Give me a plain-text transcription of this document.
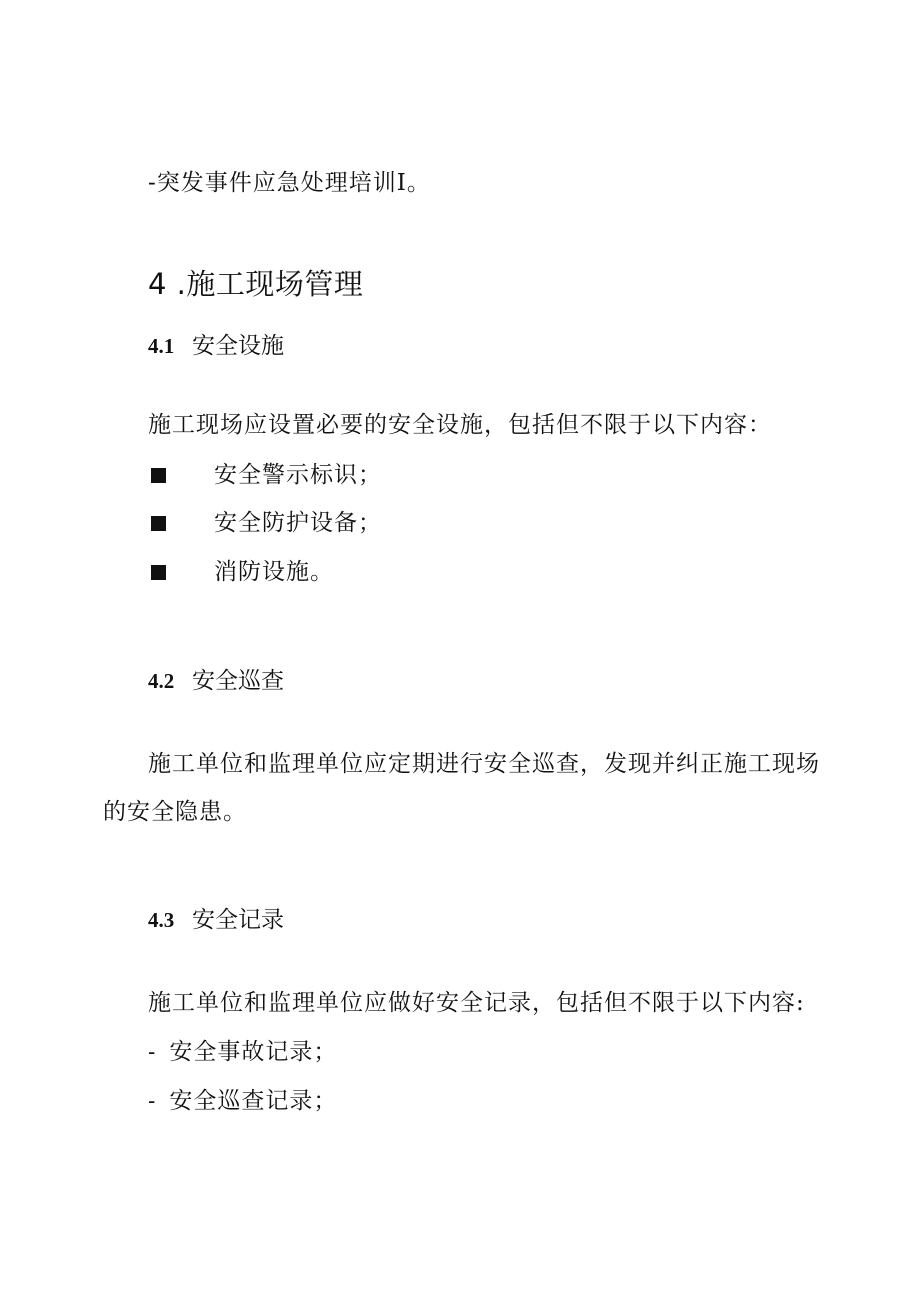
-突发事件应急处理培训Ⅰ。
4 .施工现场管理
4.1 安全设施
施工现场应设置必要的安全设施，包括但不限于以下内容：
安全警示标识；
安全防护设备；
消防设施。
4.2 安全巡查
施工单位和监理单位应定期进行安全巡查，发现并纠正施工现场
的安全隐患。
4.3 安全记录
施工单位和监理单位应做好安全记录，包括但不限于以下内容:
- 安全事故记录；
- 安全巡查记录；
